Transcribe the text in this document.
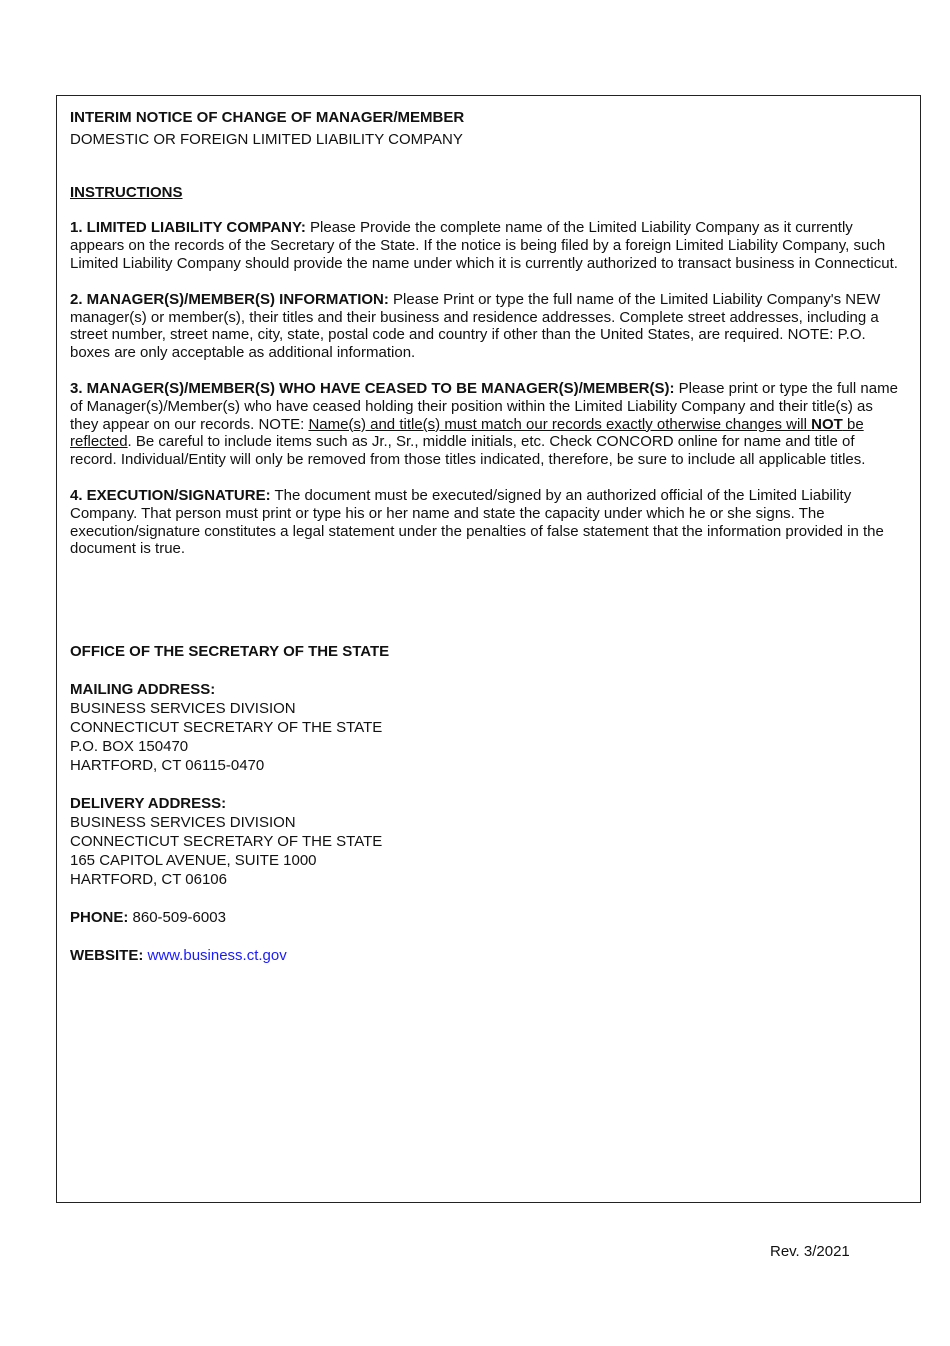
INTERIM NOTICE OF CHANGE OF MANAGER/MEMBER
DOMESTIC OR FOREIGN LIMITED LIABILITY COMPANY
INSTRUCTIONS
1. LIMITED LIABILITY COMPANY: Please Provide the complete name of the Limited Liability Company as it currently appears on the records of the Secretary of the State. If the notice is being filed by a foreign Limited Liability Company, such Limited Liability Company should provide the name under which it is currently authorized to transact business in Connecticut.
2. MANAGER(S)/MEMBER(S) INFORMATION: Please Print or type the full name of the Limited Liability Company's NEW manager(s) or member(s), their titles and their business and residence addresses. Complete street addresses, including a street number, street name, city, state, postal code and country if other than the United States, are required. NOTE: P.O. boxes are only acceptable as additional information.
3. MANAGER(S)/MEMBER(S) WHO HAVE CEASED TO BE MANAGER(S)/MEMBER(S): Please print or type the full name of Manager(s)/Member(s) who have ceased holding their position within the Limited Liability Company and their title(s) as they appear on our records. NOTE: Name(s) and title(s) must match our records exactly otherwise changes will NOT be reflected. Be careful to include items such as Jr., Sr., middle initials, etc. Check CONCORD online for name and title of record. Individual/Entity will only be removed from those titles indicated, therefore, be sure to include all applicable titles.
4. EXECUTION/SIGNATURE: The document must be executed/signed by an authorized official of the Limited Liability Company. That person must print or type his or her name and state the capacity under which he or she signs. The execution/signature constitutes a legal statement under the penalties of false statement that the information provided in the document is true.
OFFICE OF THE SECRETARY OF THE STATE
MAILING ADDRESS:
BUSINESS SERVICES DIVISION
CONNECTICUT SECRETARY OF THE STATE
P.O. BOX 150470
HARTFORD, CT 06115-0470
DELIVERY ADDRESS:
BUSINESS SERVICES DIVISION
CONNECTICUT SECRETARY OF THE STATE
165 CAPITOL AVENUE, SUITE 1000
HARTFORD, CT 06106
PHONE: 860-509-6003
WEBSITE: www.business.ct.gov
Rev. 3/2021
